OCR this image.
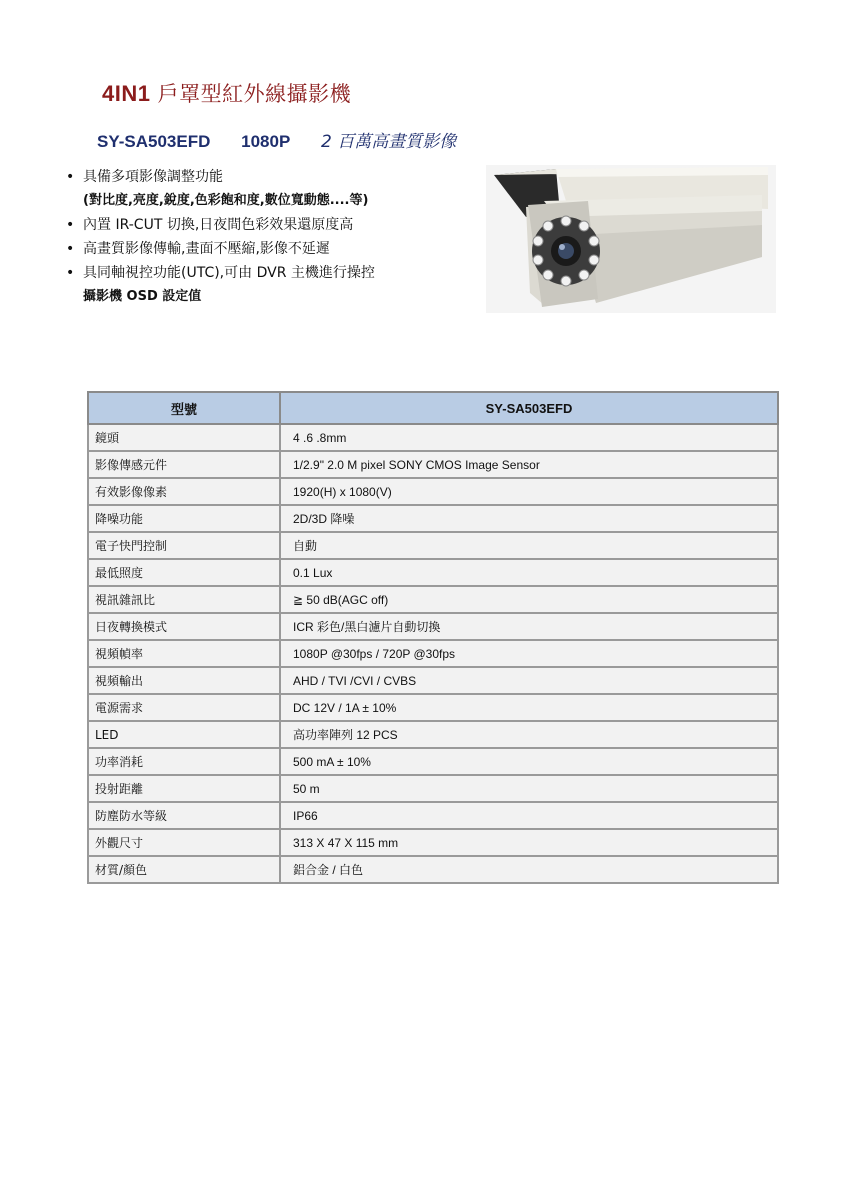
4IN1 戶罩型紅外線攝影機
SY-SA503EFD 1080P 2 百萬高畫質影像
• 具備多項影像調整功能
(對比度,亮度,銳度,色彩飽和度,數位寬動態....等)
• 內置 IR-CUT 切換,日夜間色彩效果還原度高
• 高畫質影像傳輸,畫面不壓縮,影像不延遲
• 具同軸視控功能(UTC),可由 DVR 主機進行操控
攝影機 OSD 設定值
型號	SY-SA503EFD
鏡頭	4 .6 .8mm
影像傳感元件	1/2.9" 2.0 M pixel SONY CMOS Image Sensor
有效影像像素	1920(H) x 1080(V)
降噪功能	2D/3D 降噪
電子快門控制	自動
最低照度	0.1 Lux
視訊雜訊比	≧ 50 dB(AGC off)
日夜轉換模式	ICR 彩色/黑白濾片自動切換
視頻幀率	1080P @30fps / 720P @30fps
視頻輸出	AHD / TVI /CVI / CVBS
電源需求	DC 12V / 1A ± 10%
LED	高功率陣列 12 PCS
功率消耗	500 mA ± 10%
投射距離	50 m
防塵防水等級	IP66
外觀尺寸	313 X 47 X 115 mm
材質/顏色	鋁合金 / 白色
